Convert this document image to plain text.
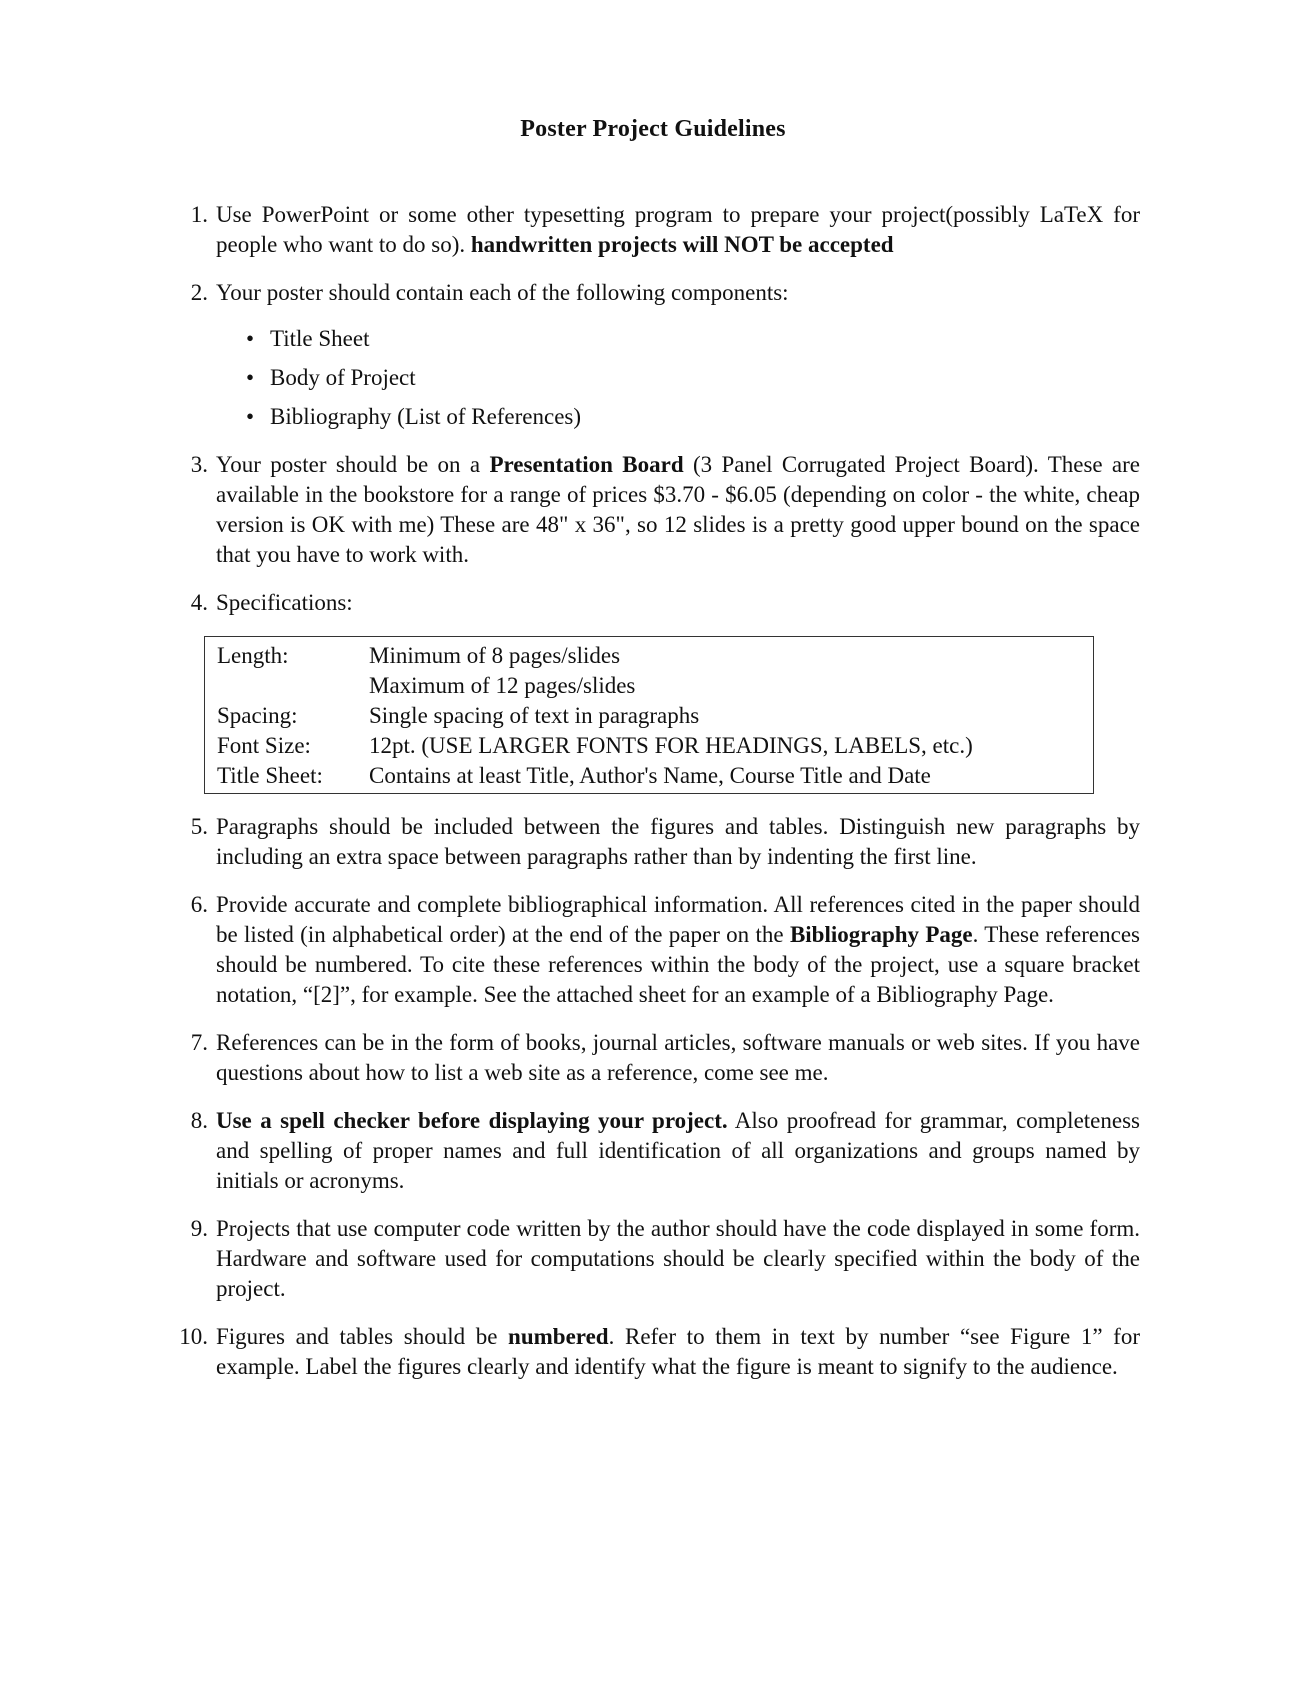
Poster Project Guidelines
1. Use PowerPoint or some other typesetting program to prepare your project(possibly LaTeX for people who want to do so). handwritten projects will NOT be accepted
2. Your poster should contain each of the following components:
• Title Sheet
• Body of Project
• Bibliography (List of References)
3. Your poster should be on a Presentation Board (3 Panel Corrugated Project Board). These are available in the bookstore for a range of prices $3.70 - $6.05 (depending on color - the white, cheap version is OK with me) These are 48" x 36", so 12 slides is a pretty good upper bound on the space that you have to work with.
4. Specifications:
Length:	Minimum of 8 pages/slides
Maximum of 12 pages/slides
Spacing:	Single spacing of text in paragraphs
Font Size:	12pt. (USE LARGER FONTS FOR HEADINGS, LABELS, etc.)
Title Sheet:	Contains at least Title, Author's Name, Course Title and Date
5. Paragraphs should be included between the figures and tables. Distinguish new paragraphs by including an extra space between paragraphs rather than by indenting the first line.
6. Provide accurate and complete bibliographical information. All references cited in the paper should be listed (in alphabetical order) at the end of the paper on the Bibliography Page. These references should be numbered. To cite these references within the body of the project, use a square bracket notation, “[2]”, for example. See the attached sheet for an example of a Bibliography Page.
7. References can be in the form of books, journal articles, software manuals or web sites. If you have questions about how to list a web site as a reference, come see me.
8. Use a spell checker before displaying your project. Also proofread for grammar, completeness and spelling of proper names and full identification of all organizations and groups named by initials or acronyms.
9. Projects that use computer code written by the author should have the code displayed in some form. Hardware and software used for computations should be clearly specified within the body of the project.
10. Figures and tables should be numbered. Refer to them in text by number “see Figure 1” for example. Label the figures clearly and identify what the figure is meant to signify to the audience.
